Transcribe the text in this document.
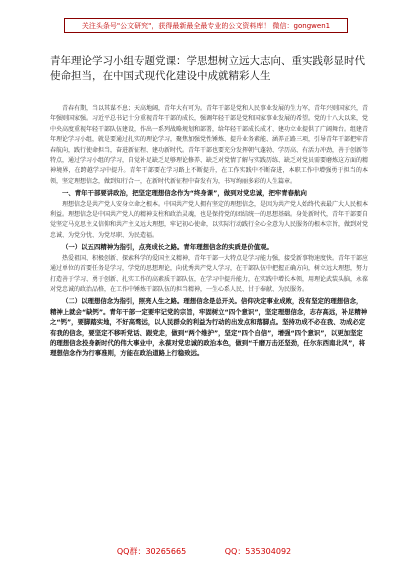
关注头条号"公文研究"，获得最新最全最专业的公文资料库！ 微信：gongwen1
青年理论学习小组专题党课：学思想树立远大志向、重实践彰显时代使命担当，在中国式现代化建设中成就精彩人生

青春有期，当以其谋不息；天高地阔，青年大有可为。青年干部是党和人民事业发展的生力军，青年兴则国家兴，青年强则国家强。习近平总书记十分重视青年干部的成长，强调年轻干部是党和国家事业发展的希望。党的十八大以来，党中央高度重视年轻干部队伍建设，作出一系列战略规划和部署，给年轻干部成长成才、建功立业提供了广阔舞台。组建青年理论学习小组，就是要通过扎实的理论学习，聚焦加强党性锤炼、提升业务素能、涵养正路三项，引导青年干部把牢青春航向，践行使命担当，奋进新征程、建功新时代。青年干部也要充分发挥朝气蓬勃、学历高、有活力冲劲，善于创新等特点，通过学习小组的学习，自觉补足缺乏足够理论修养、缺乏对党情了解与实践历练、缺乏对党员需要磨炼这方面的精神境界，在跨越学习中提升。青年干部要在学习路上不断提升，在工作实践中不断奋进，本职工作中增强勇于担当的本领，坚定理想信念，做到知行合一，在新时代新征程中奋发有为，书写绚丽多彩的人生篇章。

一、青年干部要讲政治，把坚定理想信念作为“终身课”，做到对党忠诚，把牢青春航向

理想信念是共产党人安身立命之根本。中国共产党人拥有坚定的理想信念，是因为共产党人始终代表最广大人民根本利益。理想信念是中国共产党人的精神支柱和政治灵魂，也是保持党的团结统一的思想基础。身处新时代，青年干部要自觉坚定马克思主义信仰和共产主义远大理想，牢记初心使命，以实际行动践行全心全意为人民服务的根本宗旨，做到对党忠诚、为党分忧、为党尽职、为民造福。

（一）以五四精神为指引，点亮成长之路。青年理想信念的实质是价值观。

热爱祖国、积极创新、探索科学的爱国主义精神，青年干部一大特点是学习能力强，接受新事物速度快。青年干部应通过单位的首要任务是学习，学党的思想理论，向优秀共产党人学习，在干部队伍中把握正确方向，树立远大理想，努力打造善于学习、勇于创新、扎实工作的高素质干部队伍，在学习中提升能力，在实践中增长本领，用理论武装头脑，永葆对党忠诚的政治品格，在工作中锤炼干部队伍的担当精神，一生心系人民、甘于奉献、为民服务。

（二）以理想信念为指引，照亮人生之路。理想信念是总开关。信仰决定事业成败，没有坚定的理想信念，精神上就会“缺钙”。青年干部一定要牢记党的宗旨，牢固树立“四个意识”，坚定理想信念，志存高远，补足精神之“钙”，要脚踏实地，不好高骛远，以人民群众的利益为行动的出发点和落脚点。坚持功成不必在我、功成必定有我的信念，要坚定不移听党话、跟党走，做到“两个维护”，坚定“四个自信”，增强“四个意识”，以更加坚定的理想信念投身新时代的伟大事业中，永葆对党忠诚的政治本色，做到“千磨万击还坚劲，任尔东西南北风”，将理想信念作为行事准则，方能在政治道路上行稳致远。

QQ群：30265665	QQ：535304092
